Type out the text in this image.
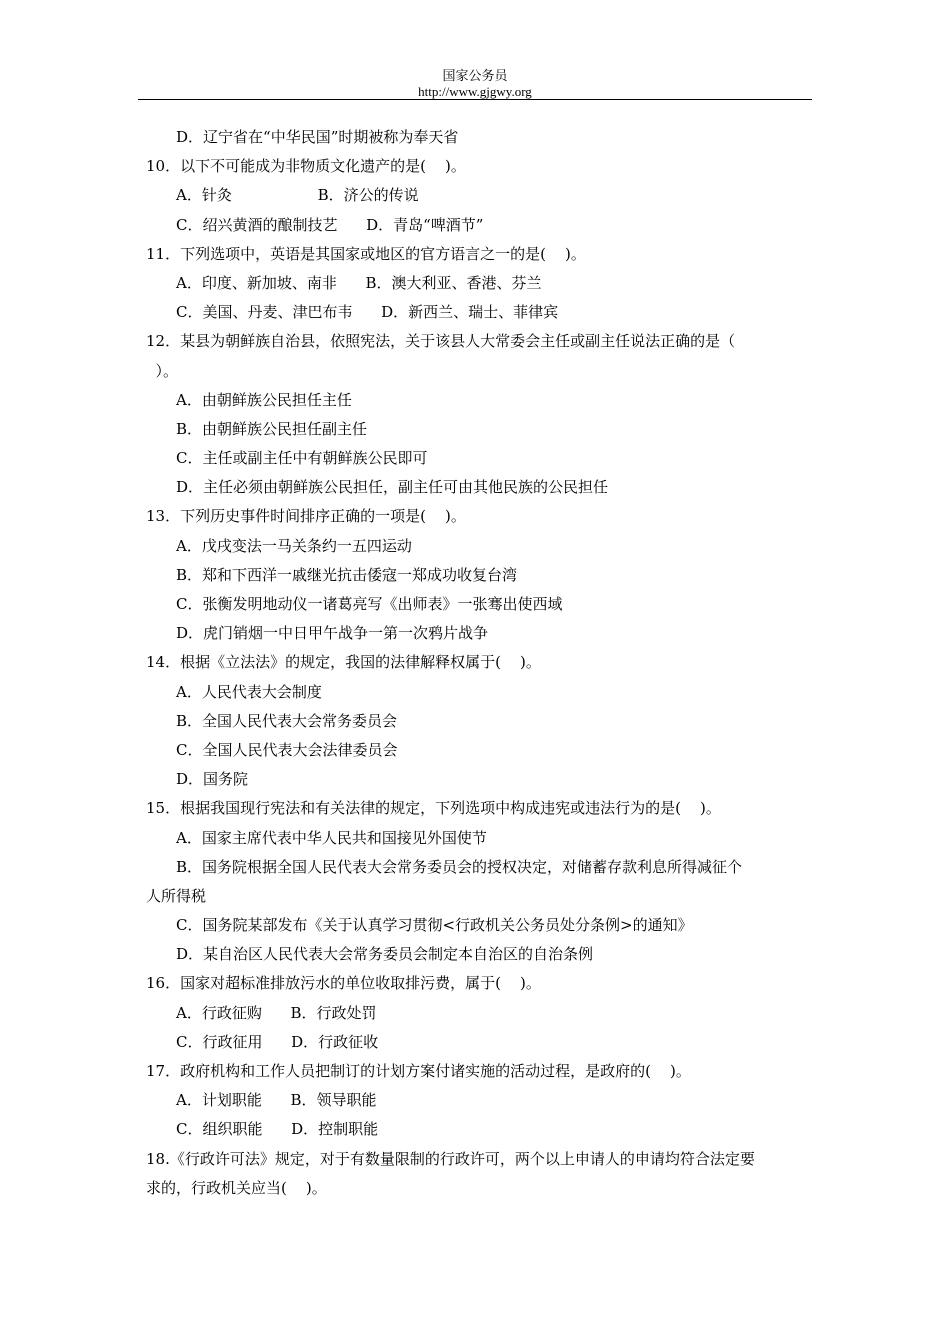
国家公务员
http://www.gjgwy.org
D．辽宁省在“中华民国”时期被称为奉天省
10．以下不可能成为非物质文化遗产的是(    )。
A．针灸                  B．济公的传说
C．绍兴黄酒的酿制技艺      D．青岛“啤酒节”
11．下列选项中，英语是其国家或地区的官方语言之一的是(    )。
A．印度、新加坡、南非      B．澳大利亚、香港、芬兰
C．美国、丹麦、津巴布韦      D．新西兰、瑞士、菲律宾
12．某县为朝鲜族自治县，依照宪法，关于该县人大常委会主任或副主任说法正确的是（
）。
A．由朝鲜族公民担任主任
B．由朝鲜族公民担任副主任
C．主任或副主任中有朝鲜族公民即可
D．主任必须由朝鲜族公民担任，副主任可由其他民族的公民担任
13．下列历史事件时间排序正确的一项是(    )。
A．戊戌变法一马关条约一五四运动
B．郑和下西洋一戚继光抗击倭寇一郑成功收复台湾
C．张衡发明地动仪一诸葛亮写《出师表》一张骞出使西域
D．虎门销烟一中日甲午战争一第一次鸦片战争
14．根据《立法法》的规定，我国的法律解释权属于(    )。
A．人民代表大会制度
B．全国人民代表大会常务委员会
C．全国人民代表大会法律委员会
D．国务院
15．根据我国现行宪法和有关法律的规定，下列选项中构成违宪或违法行为的是(    )。
A．国家主席代表中华人民共和国接见外国使节
B．国务院根据全国人民代表大会常务委员会的授权决定，对储蓄存款利息所得减征个
人所得税
C．国务院某部发布《关于认真学习贯彻<行政机关公务员处分条例>的通知》
D．某自治区人民代表大会常务委员会制定本自治区的自治条例
16．国家对超标准排放污水的单位收取排污费，属于(    )。
A．行政征购      B．行政处罚
C．行政征用      D．行政征收
17．政府机构和工作人员把制订的计划方案付诸实施的活动过程，是政府的(    )。
A．计划职能      B．领导职能
C．组织职能      D．控制职能
18.《行政许可法》规定，对于有数量限制的行政许可，两个以上申请人的申请均符合法定要
求的，行政机关应当(    )。
